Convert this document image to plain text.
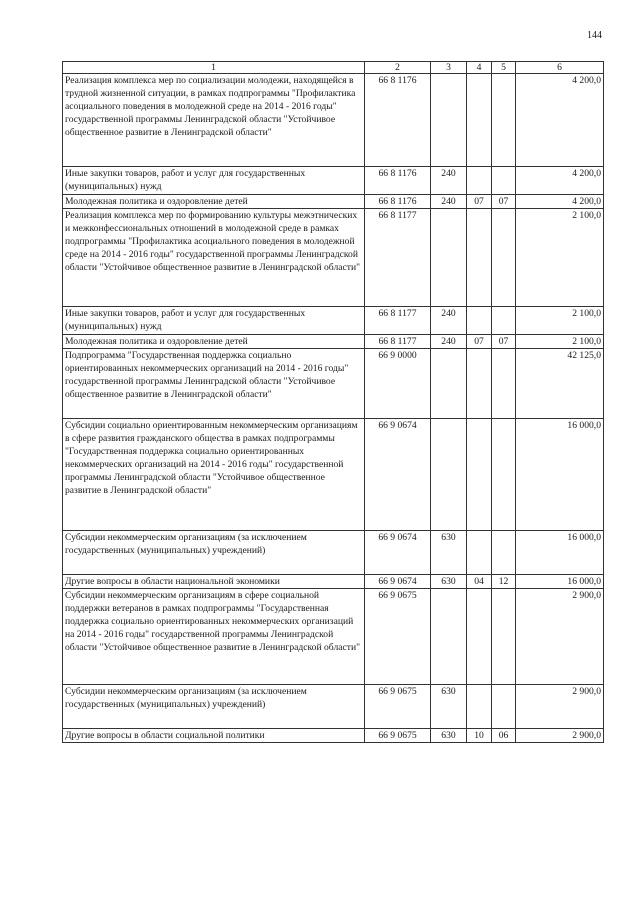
144
1	2	3	4	5	6
Реализация комплекса мер по социализации молодежи, находящейся в трудной жизненной ситуации, в рамках подпрограммы "Профилактика асоциального поведения в молодежной среде на 2014 - 2016 годы" государственной программы Ленинградской области "Устойчивое общественное развитие в Ленинградской области"	66 8 1176				4 200,0
Иные закупки товаров, работ и услуг для государственных (муниципальных) нужд	66 8 1176	240			4 200,0
Молодежная политика и оздоровление детей	66 8 1176	240	07	07	4 200,0
Реализация комплекса мер по формированию культуры межэтнических и межконфессиональных отношений в молодежной среде в рамках подпрограммы "Профилактика асоциального поведения в молодежной среде на 2014 - 2016 годы" государственной программы Ленинградской области "Устойчивое общественное развитие в Ленинградской области"	66 8 1177				2 100,0
Иные закупки товаров, работ и услуг для государственных (муниципальных) нужд	66 8 1177	240			2 100,0
Молодежная политика и оздоровление детей	66 8 1177	240	07	07	2 100,0
Подпрограмма "Государственная поддержка социально ориентированных некоммерческих организаций на 2014 - 2016 годы" государственной программы Ленинградской области "Устойчивое общественное развитие в Ленинградской области"	66 9 0000				42 125,0
Субсидии социально ориентированным некоммерческим организациям в сфере развития гражданского общества в рамках подпрограммы "Государственная поддержка социально ориентированных некоммерческих организаций на 2014 - 2016 годы" государственной программы Ленинградской области "Устойчивое общественное развитие в Ленинградской области"	66 9 0674				16 000,0
Субсидии некоммерческим организациям (за исключением государственных (муниципальных) учреждений)	66 9 0674	630			16 000,0
Другие вопросы в области национальной экономики	66 9 0674	630	04	12	16 000,0
Субсидии некоммерческим организациям в сфере социальной поддержки ветеранов в рамках подпрограммы "Государственная поддержка социально ориентированных некоммерческих организаций на 2014 - 2016 годы" государственной программы Ленинградской области "Устойчивое общественное развитие в Ленинградской области"	66 9 0675				2 900,0
Субсидии некоммерческим организациям (за исключением государственных (муниципальных) учреждений)	66 9 0675	630			2 900,0
Другие вопросы в области социальной политики	66 9 0675	630	10	06	2 900,0
